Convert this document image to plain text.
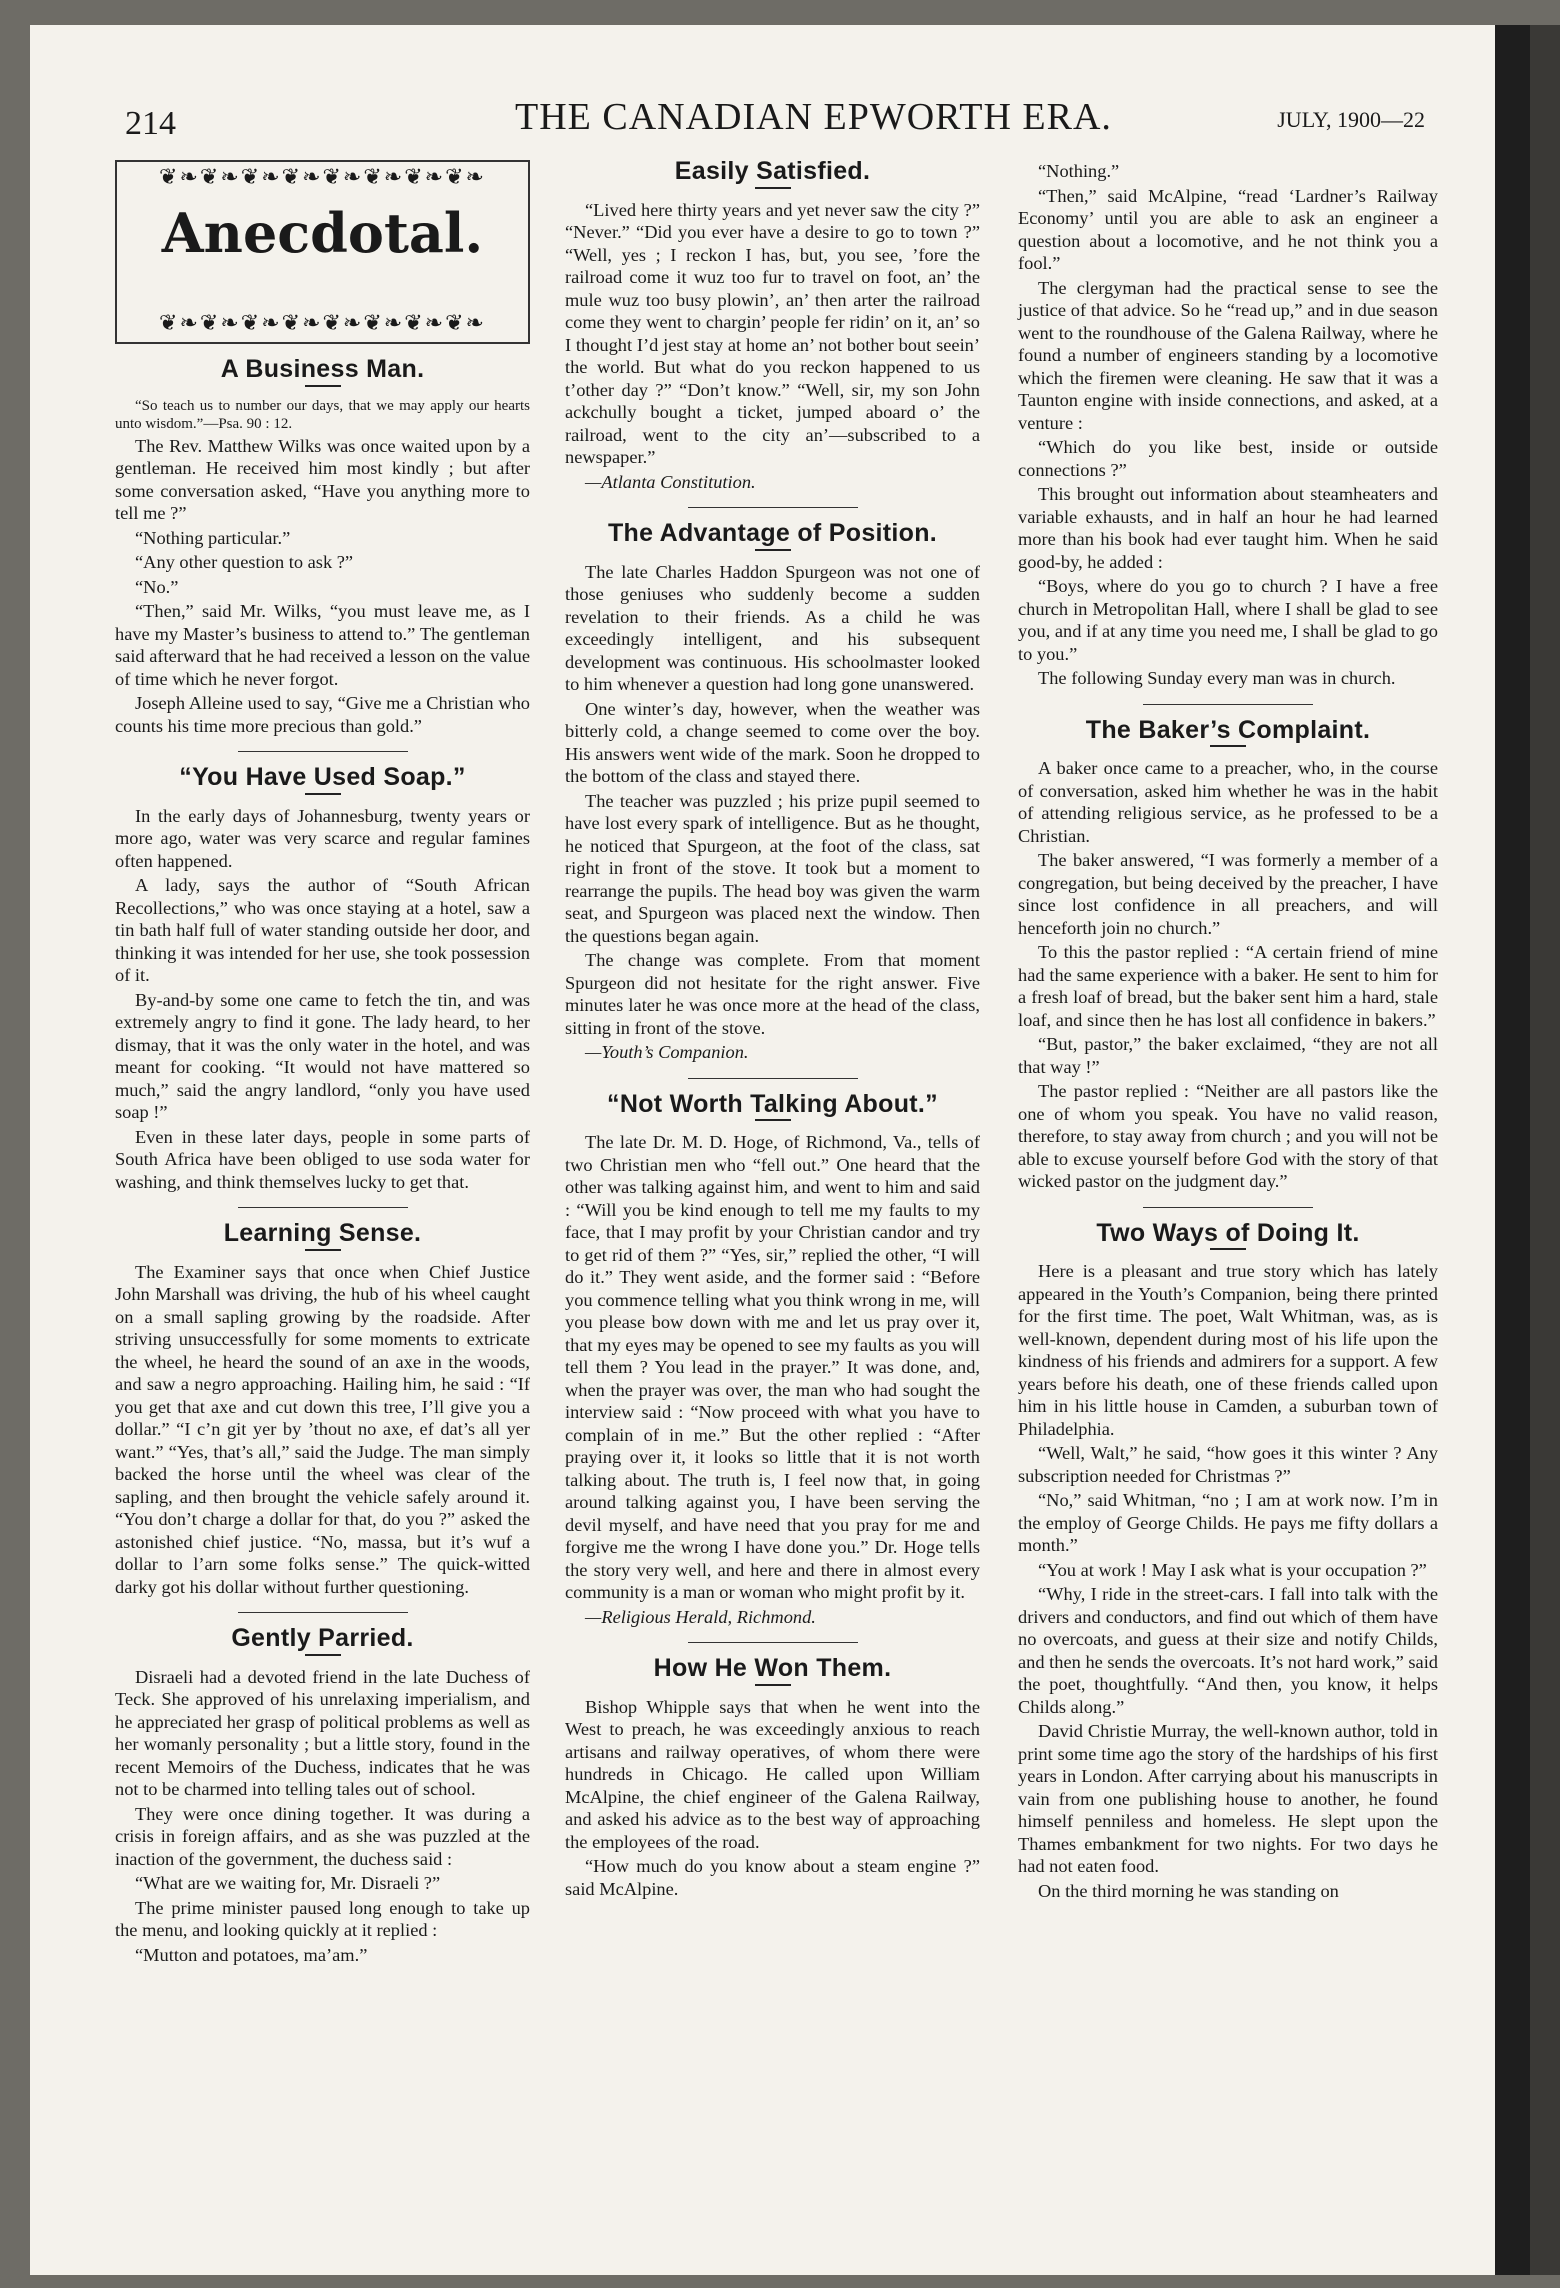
214	THE CANADIAN EPWORTH ERA.	JULY, 1900—22
❦❧❦❧❦❧❦❧❦❧❦❧❦❧❦❧
Anecdotal.
❦❧❦❧❦❧❦❧❦❧❦❧❦❧❦❧
A Business Man.

“So teach us to number our days, that we may apply our hearts unto wisdom.”—Psa. 90 : 12.

The Rev. Matthew Wilks was once waited upon by a gentleman. He received him most kindly ; but after some conversation asked, “Have you anything more to tell me ?”

“Nothing particular.”

“Any other question to ask ?”

“No.”

“Then,” said Mr. Wilks, “you must leave me, as I have my Master’s business to attend to.” The gentleman said afterward that he had received a lesson on the value of time which he never forgot.

Joseph Alleine used to say, “Give me a Christian who counts his time more precious than gold.”

“You Have Used Soap.”

In the early days of Johannesburg, twenty years or more ago, water was very scarce and regular famines often happened.

A lady, says the author of “South African Recollections,” who was once staying at a hotel, saw a tin bath half full of water standing outside her door, and thinking it was intended for her use, she took possession of it.

By-and-by some one came to fetch the tin, and was extremely angry to find it gone. The lady heard, to her dismay, that it was the only water in the hotel, and was meant for cooking. “It would not have mattered so much,” said the angry landlord, “only you have used soap !”

Even in these later days, people in some parts of South Africa have been obliged to use soda water for washing, and think themselves lucky to get that.

Learning Sense.

The Examiner says that once when Chief Justice John Marshall was driving, the hub of his wheel caught on a small sapling growing by the roadside. After striving unsuccessfully for some moments to extricate the wheel, he heard the sound of an axe in the woods, and saw a negro approaching. Hailing him, he said : “If you get that axe and cut down this tree, I’ll give you a dollar.” “I c’n git yer by ’thout no axe, ef dat’s all yer want.” “Yes, that’s all,” said the Judge. The man simply backed the horse until the wheel was clear of the sapling, and then brought the vehicle safely around it. “You don’t charge a dollar for that, do you ?” asked the astonished chief justice. “No, massa, but it’s wuf a dollar to l’arn some folks sense.” The quick-witted darky got his dollar without further questioning.

Gently Parried.

Disraeli had a devoted friend in the late Duchess of Teck. She approved of his unrelaxing imperialism, and he appreciated her grasp of political problems as well as her womanly personality ; but a little story, found in the recent Memoirs of the Duchess, indicates that he was not to be charmed into telling tales out of school.

They were once dining together. It was during a crisis in foreign affairs, and as she was puzzled at the inaction of the government, the duchess said :

“What are we waiting for, Mr. Disraeli ?”

The prime minister paused long enough to take up the menu, and looking quickly at it replied :

“Mutton and potatoes, ma’am.”

Easily Satisfied.

“Lived here thirty years and yet never saw the city ?” “Never.” “Did you ever have a desire to go to town ?” “Well, yes ; I reckon I has, but, you see, ’fore the railroad come it wuz too fur to travel on foot, an’ the mule wuz too busy plowin’, an’ then arter the railroad come they went to chargin’ people fer ridin’ on it, an’ so I thought I’d jest stay at home an’ not bother bout seein’ the world. But what do you reckon happened to us t’other day ?” “Don’t know.” “Well, sir, my son John ackchully bought a ticket, jumped aboard o’ the railroad, went to the city an’—subscribed to a newspaper.”

—Atlanta Constitution.

The Advantage of Position.

The late Charles Haddon Spurgeon was not one of those geniuses who suddenly become a sudden revelation to their friends. As a child he was exceedingly intelligent, and his subsequent development was continuous. His schoolmaster looked to him whenever a question had long gone unanswered.

One winter’s day, however, when the weather was bitterly cold, a change seemed to come over the boy. His answers went wide of the mark. Soon he dropped to the bottom of the class and stayed there.

The teacher was puzzled ; his prize pupil seemed to have lost every spark of intelligence. But as he thought, he noticed that Spurgeon, at the foot of the class, sat right in front of the stove. It took but a moment to rearrange the pupils. The head boy was given the warm seat, and Spurgeon was placed next the window. Then the questions began again.

The change was complete. From that moment Spurgeon did not hesitate for the right answer. Five minutes later he was once more at the head of the class, sitting in front of the stove.

—Youth’s Companion.

“Not Worth Talking About.”

The late Dr. M. D. Hoge, of Richmond, Va., tells of two Christian men who “fell out.” One heard that the other was talking against him, and went to him and said : “Will you be kind enough to tell me my faults to my face, that I may profit by your Christian candor and try to get rid of them ?” “Yes, sir,” replied the other, “I will do it.” They went aside, and the former said : “Before you commence telling what you think wrong in me, will you please bow down with me and let us pray over it, that my eyes may be opened to see my faults as you will tell them ? You lead in the prayer.” It was done, and, when the prayer was over, the man who had sought the interview said : “Now proceed with what you have to complain of in me.” But the other replied : “After praying over it, it looks so little that it is not worth talking about. The truth is, I feel now that, in going around talking against you, I have been serving the devil myself, and have need that you pray for me and forgive me the wrong I have done you.” Dr. Hoge tells the story very well, and here and there in almost every community is a man or woman who might profit by it.

—Religious Herald, Richmond.

How He Won Them.

Bishop Whipple says that when he went into the West to preach, he was exceedingly anxious to reach artisans and railway operatives, of whom there were hundreds in Chicago. He called upon William McAlpine, the chief engineer of the Galena Railway, and asked his advice as to the best way of approaching the employees of the road.

“How much do you know about a steam engine ?” said McAlpine.

“Nothing.”

“Then,” said McAlpine, “read ‘Lardner’s Railway Economy’ until you are able to ask an engineer a question about a locomotive, and he not think you a fool.”

The clergyman had the practical sense to see the justice of that advice. So he “read up,” and in due season went to the roundhouse of the Galena Railway, where he found a number of engineers standing by a locomotive which the firemen were cleaning. He saw that it was a Taunton engine with inside connections, and asked, at a venture :

“Which do you like best, inside or outside connections ?”

This brought out information about steamheaters and variable exhausts, and in half an hour he had learned more than his book had ever taught him. When he said good-by, he added :

“Boys, where do you go to church ? I have a free church in Metropolitan Hall, where I shall be glad to see you, and if at any time you need me, I shall be glad to go to you.”

The following Sunday every man was in church.

The Baker’s Complaint.

A baker once came to a preacher, who, in the course of conversation, asked him whether he was in the habit of attending religious service, as he professed to be a Christian.

The baker answered, “I was formerly a member of a congregation, but being deceived by the preacher, I have since lost confidence in all preachers, and will henceforth join no church.”

To this the pastor replied : “A certain friend of mine had the same experience with a baker. He sent to him for a fresh loaf of bread, but the baker sent him a hard, stale loaf, and since then he has lost all confidence in bakers.”

“But, pastor,” the baker exclaimed, “they are not all that way !”

The pastor replied : “Neither are all pastors like the one of whom you speak. You have no valid reason, therefore, to stay away from church ; and you will not be able to excuse yourself before God with the story of that wicked pastor on the judgment day.”

Two Ways of Doing It.

Here is a pleasant and true story which has lately appeared in the Youth’s Companion, being there printed for the first time. The poet, Walt Whitman, was, as is well-known, dependent during most of his life upon the kindness of his friends and admirers for a support. A few years before his death, one of these friends called upon him in his little house in Camden, a suburban town of Philadelphia.

“Well, Walt,” he said, “how goes it this winter ? Any subscription needed for Christmas ?”

“No,” said Whitman, “no ; I am at work now. I’m in the employ of George Childs. He pays me fifty dollars a month.”

“You at work ! May I ask what is your occupation ?”

“Why, I ride in the street-cars. I fall into talk with the drivers and conductors, and find out which of them have no overcoats, and guess at their size and notify Childs, and then he sends the overcoats. It’s not hard work,” said the poet, thoughtfully. “And then, you know, it helps Childs along.”

David Christie Murray, the well-known author, told in print some time ago the story of the hardships of his first years in London. After carrying about his manuscripts in vain from one publishing house to another, he found himself penniless and homeless. He slept upon the Thames embankment for two nights. For two days he had not eaten food.

On the third morning he was standing on
